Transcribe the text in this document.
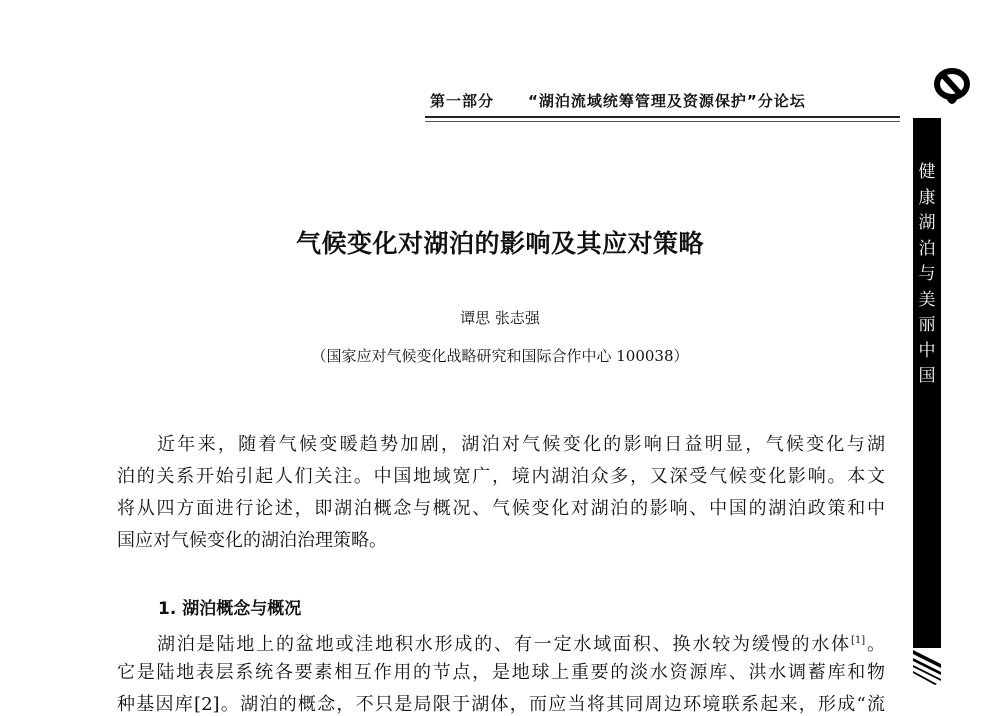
第一部分 “湖泊流域统筹管理及资源保护”分论坛
健
康
湖
泊
与
美
丽
中
国
气候变化对湖泊的影响及其应对策略
谭思 张志强
（国家应对气候变化战略研究和国际合作中心 100038）
近年来，随着气候变暖趋势加剧，湖泊对气候变化的影响日益明显，气候变化与湖
泊的关系开始引起人们关注。中国地域宽广，境内湖泊众多，又深受气候变化影响。本文
将从四方面进行论述，即湖泊概念与概况、气候变化对湖泊的影响、中国的湖泊政策和中
国应对气候变化的湖泊治理策略。
1. 湖泊概念与概况
湖泊是陆地上的盆地或洼地积水形成的、有一定水域面积、换水较为缓慢的水体[1]。
它是陆地表层系统各要素相互作用的节点，是地球上重要的淡水资源库、洪水调蓄库和物
种基因库[2]。湖泊的概念，不只是局限于湖体，而应当将其同周边环境联系起来，形成“流
